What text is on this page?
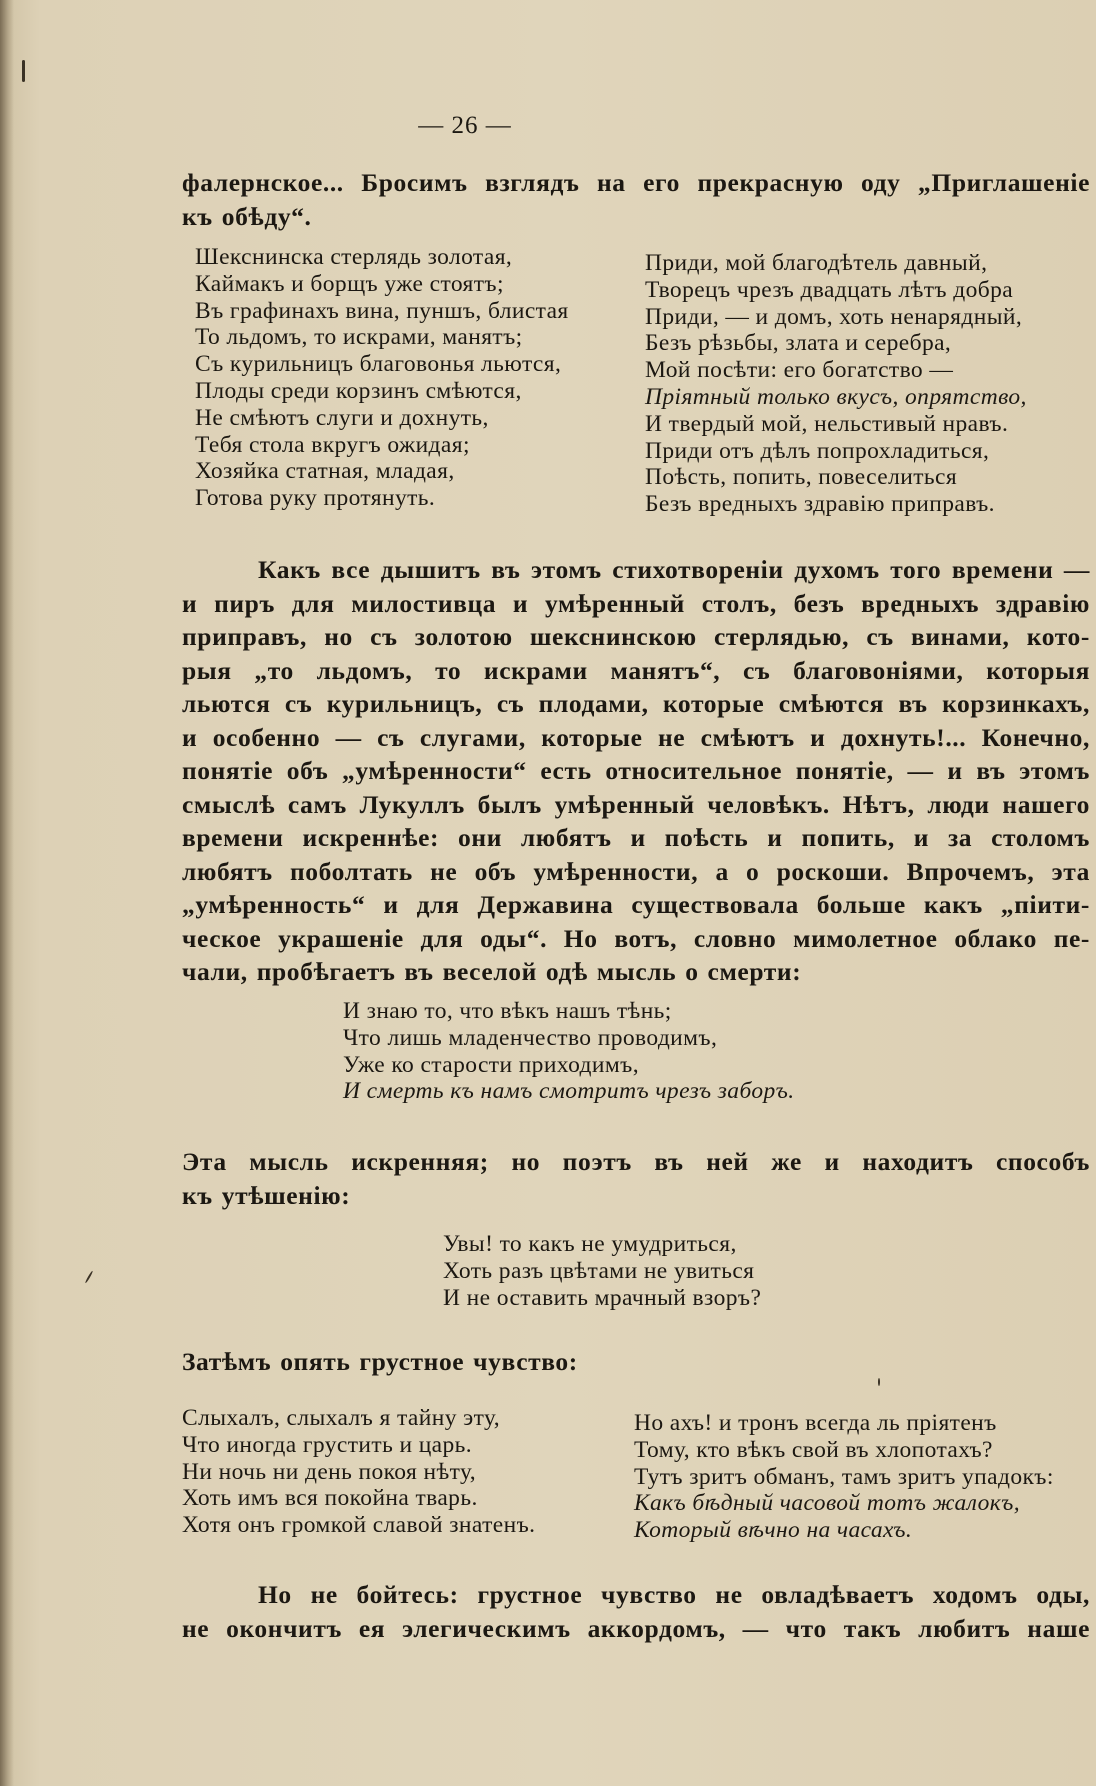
— 26 —
фалернское... Бросимъ взглядъ на его прекрасную оду „Приглашеніе
къ обѣду“.
Шекснинска стерлядь золотая,
Каймакъ и борщъ уже стоятъ;
Въ графинахъ вина, пуншъ, блистая
То льдомъ, то искрами, манятъ;
Съ курильницъ благовонья льются,
Плоды среди корзинъ смѣются,
Не смѣютъ слуги и дохнуть,
Тебя стола вкругъ ожидая;
Хозяйка статная, младая,
Готова руку протянуть.
Приди, мой благодѣтель давный,
Творецъ чрезъ двадцать лѣтъ добра
Приди, — и домъ, хоть ненарядный,
Безъ рѣзьбы, злата и серебра,
Мой посѣти: его богатство —
Пріятный только вкусъ, опрятство,
И твердый мой, нельстивый нравъ.
Приди отъ дѣлъ попрохладиться,
Поѣсть, попить, повеселиться
Безъ вредныхъ здравію приправъ.
Какъ все дышитъ въ этомъ стихотвореніи духомъ того времени —
и пиръ для милостивца и умѣренный столъ, безъ вредныхъ здравію
приправъ, но съ золотою шекснинскою стерлядью, съ винами, кото-
рыя „то льдомъ, то искрами манятъ“, съ благовоніями, которыя
льются съ курильницъ, съ плодами, которые смѣются въ корзинкахъ,
и особенно — съ слугами, которые не смѣютъ и дохнуть!... Конечно,
понятіе объ „умѣренности“ есть относительное понятіе, — и въ этомъ
смыслѣ самъ Лукуллъ былъ умѣренный человѣкъ. Нѣтъ, люди нашего
времени искреннѣе: они любятъ и поѣсть и попить, и за столомъ
любятъ поболтать не объ умѣренности, а о роскоши. Впрочемъ, эта
„умѣренность“ и для Державина существовала больше какъ „піити-
ческое украшеніе для оды“. Но вотъ, словно мимолетное облако пе-
чали, пробѣгаетъ въ веселой одѣ мысль о смерти:
И знаю то, что вѣкъ нашъ тѣнь;
Что лишь младенчество проводимъ,
Уже ко старости приходимъ,
И смерть къ намъ смотритъ чрезъ заборъ.
Эта мысль искренняя; но поэтъ въ ней же и находитъ способъ
къ утѣшенію:
Увы! то какъ не умудриться,
Хоть разъ цвѣтами не увиться
И не оставить мрачный взоръ?
Затѣмъ опять грустное чувство:
Слыхалъ, слыхалъ я тайну эту,
Что иногда грустить и царь.
Ни ночь ни день покоя нѣту,
Хоть имъ вся покойна тварь.
Хотя онъ громкой славой знатенъ.
Но ахъ! и тронъ всегда ль пріятенъ
Тому, кто вѣкъ свой въ хлопотахъ?
Тутъ зритъ обманъ, тамъ зритъ упадокъ:
Какъ бѣдный часовой тотъ жалокъ,
Который вѣчно на часахъ.
Но не бойтесь: грустное чувство не овладѣваетъ ходомъ оды,
не окончитъ ея элегическимъ аккордомъ, — что такъ любитъ наше
